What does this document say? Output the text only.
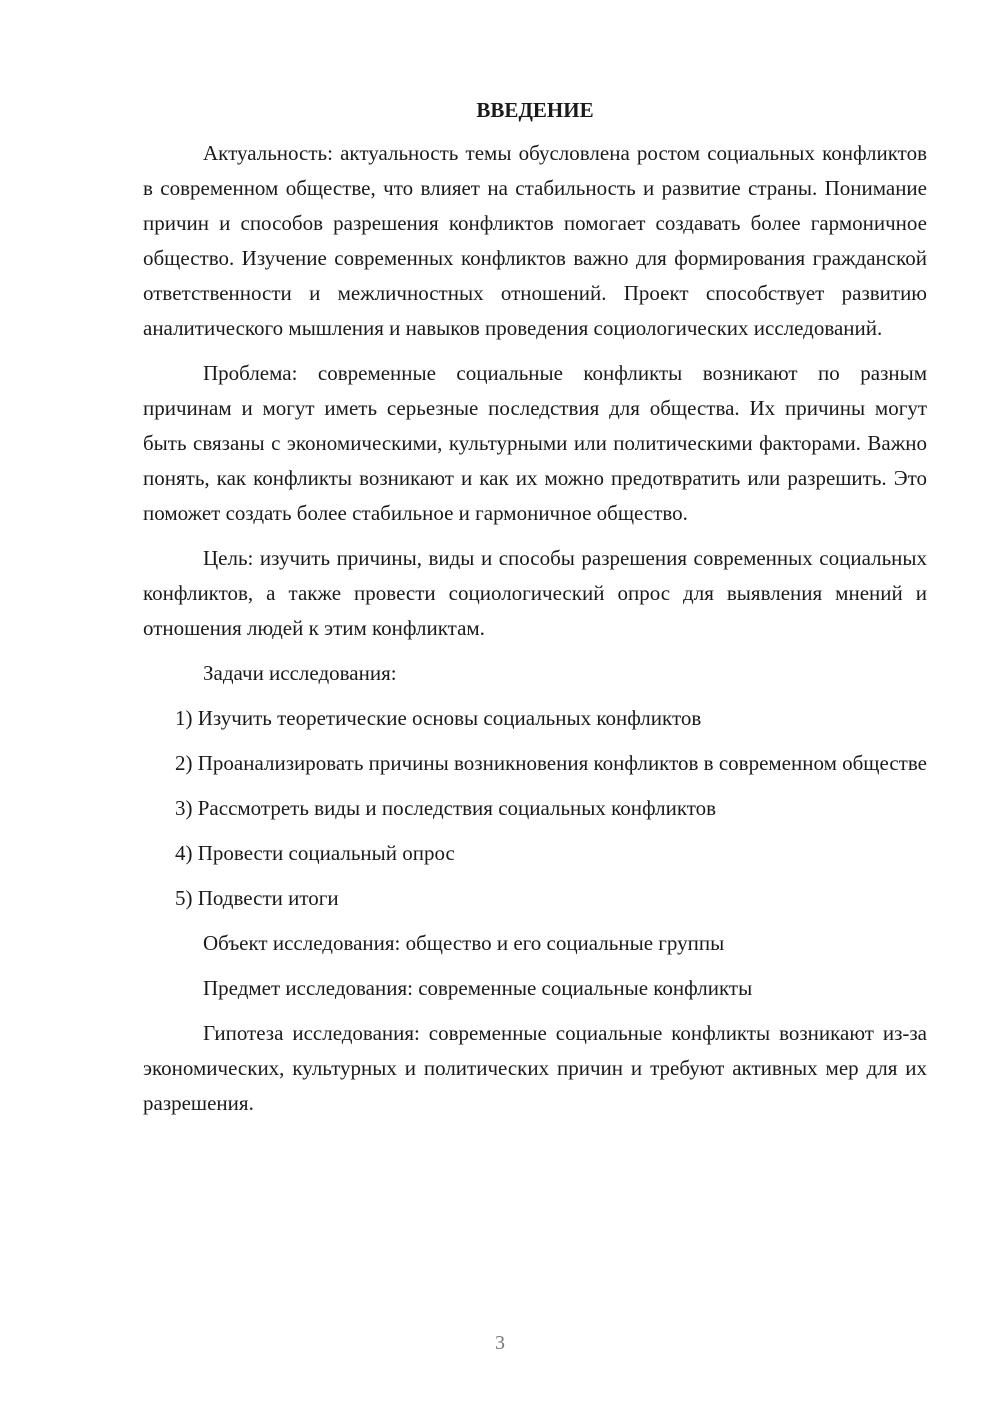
ВВЕДЕНИЕ

Актуальность: актуальность темы обусловлена ростом социальных конфликтов в современном обществе, что влияет на стабильность и развитие страны. Понимание причин и способов разрешения конфликтов помогает создавать более гармоничное общество. Изучение современных конфликтов важно для формирования гражданской ответственности и межличностных отношений. Проект способствует развитию аналитического мышления и навыков проведения социологических исследований.

Проблема: современные социальные конфликты возникают по разным причинам и могут иметь серьезные последствия для общества. Их причины могут быть связаны с экономическими, культурными или политическими факторами. Важно понять, как конфликты возникают и как их можно предотвратить или разрешить. Это поможет создать более стабильное и гармоничное общество.

Цель: изучить причины, виды и способы разрешения современных социальных конфликтов, а также провести социологический опрос для выявления мнений и отношения людей к этим конфликтам.

Задачи исследования:

1) Изучить теоретические основы социальных конфликтов

2) Проанализировать причины возникновения конфликтов в современном обществе

3) Рассмотреть виды и последствия социальных конфликтов

4) Провести социальный опрос

5) Подвести итоги

Объект исследования: общество и его социальные группы

Предмет исследования: современные социальные конфликты

Гипотеза исследования: современные социальные конфликты возникают из-за экономических, культурных и политических причин и требуют активных мер для их разрешения.

3
